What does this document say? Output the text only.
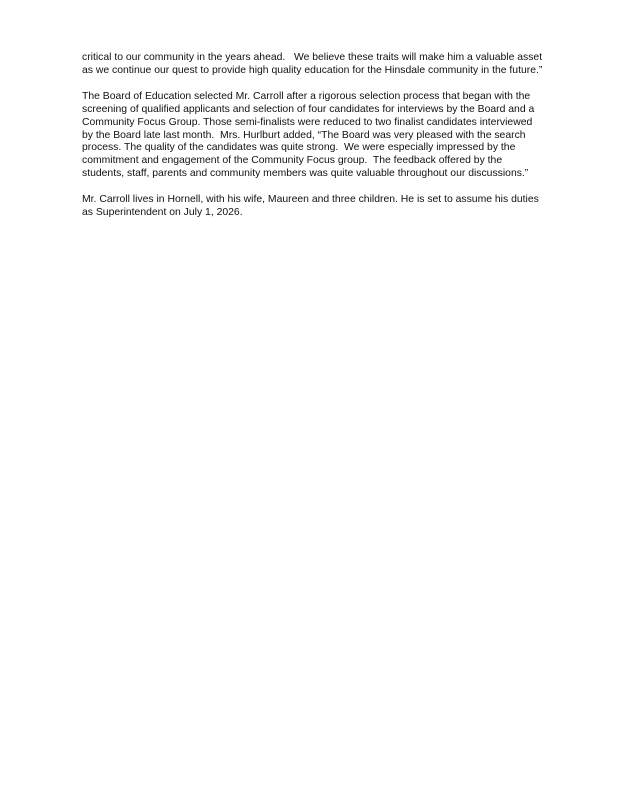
critical to our community in the years ahead.   We believe these traits will make him a valuable asset
as we continue our quest to provide high quality education for the Hinsdale community in the future.”
The Board of Education selected Mr. Carroll after a rigorous selection process that began with the
screening of qualified applicants and selection of four candidates for interviews by the Board and a
Community Focus Group. Those semi-finalists were reduced to two finalist candidates interviewed
by the Board late last month.  Mrs. Hurlburt added, “The Board was very pleased with the search
process. The quality of the candidates was quite strong.  We were especially impressed by the
commitment and engagement of the Community Focus group.  The feedback offered by the
students, staff, parents and community members was quite valuable throughout our discussions.”
Mr. Carroll lives in Hornell, with his wife, Maureen and three children. He is set to assume his duties
as Superintendent on July 1, 2026.
